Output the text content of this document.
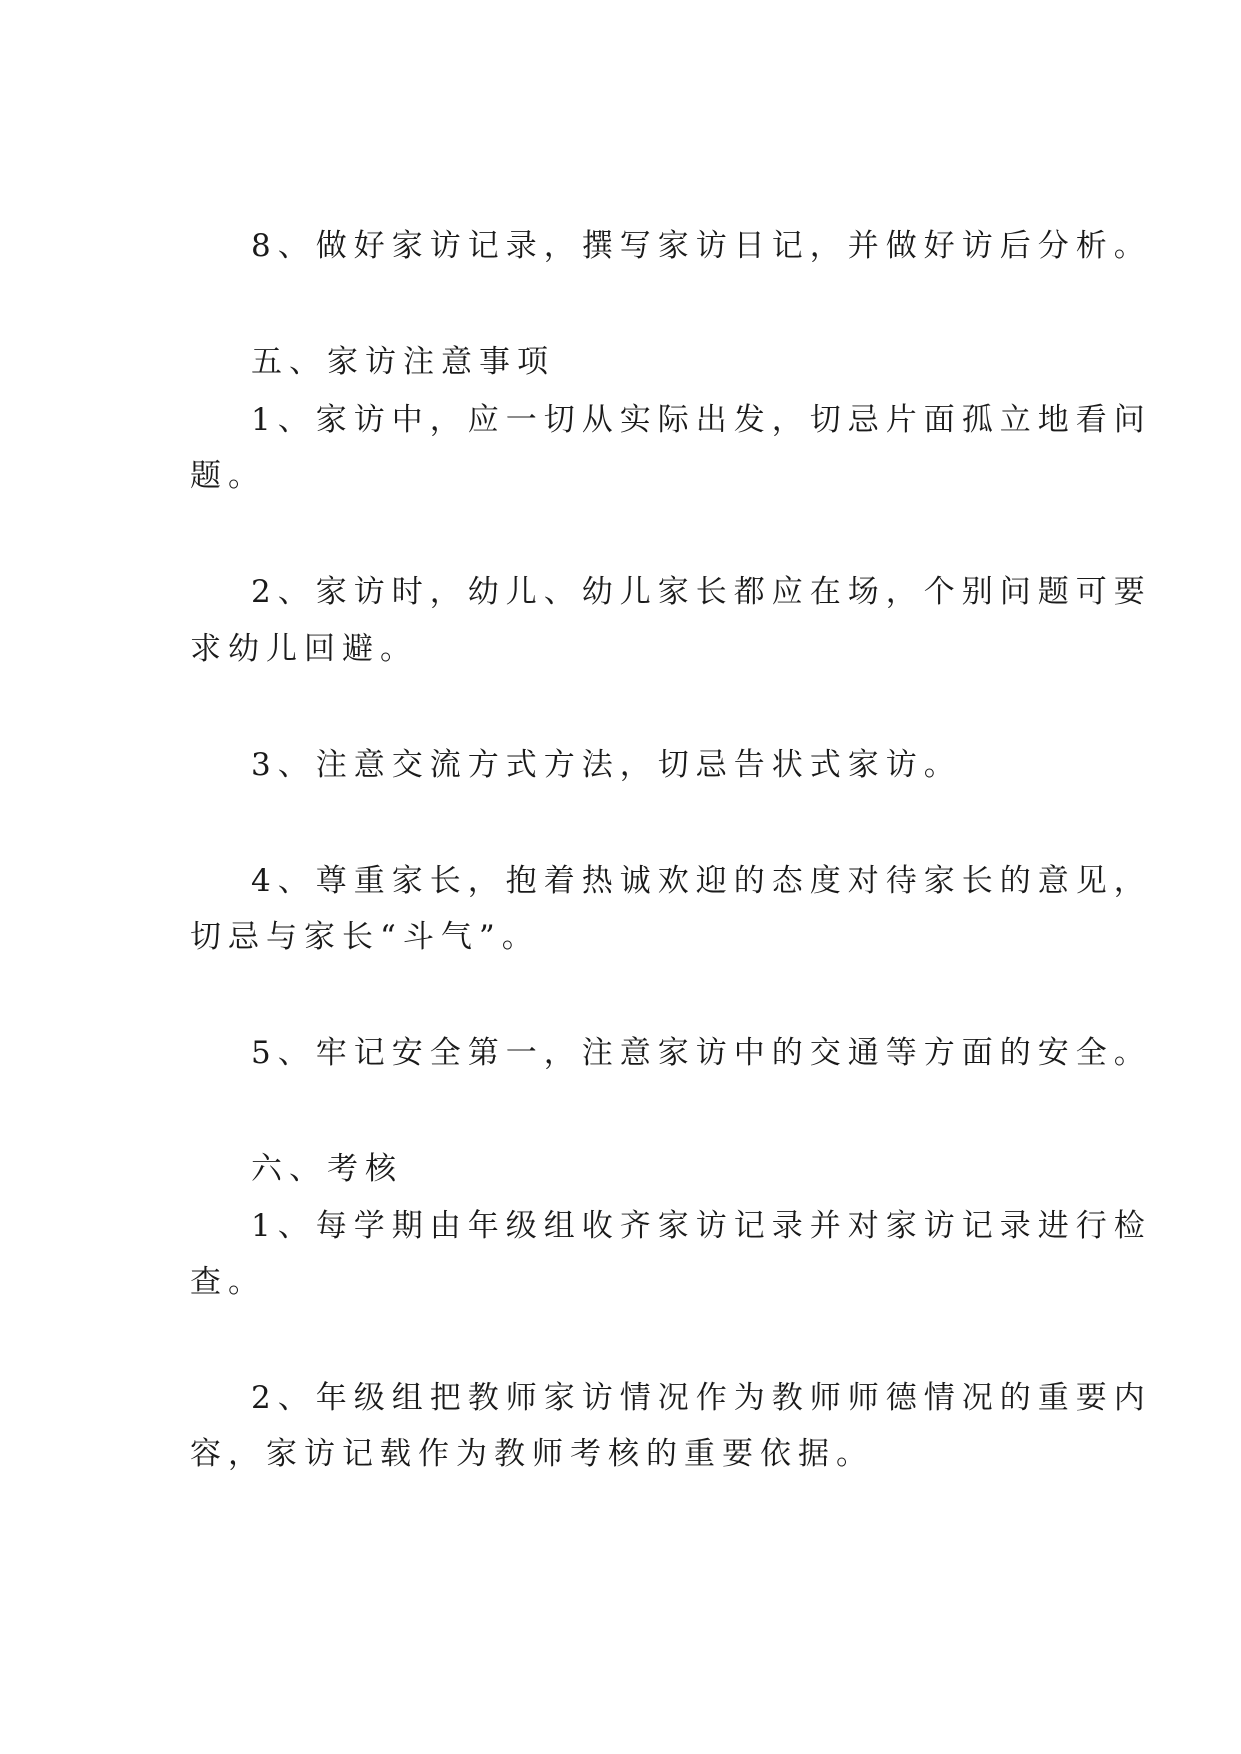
8、做好家访记录，撰写家访日记，并做好访后分析。
五、家访注意事项
1、家访中，应一切从实际出发，切忌片面孤立地看问
题。
2、家访时，幼儿、幼儿家长都应在场，个别问题可要
求幼儿回避。
3、注意交流方式方法，切忌告状式家访。
4、尊重家长，抱着热诚欢迎的态度对待家长的意见，
切忌与家长“斗气”。
5、牢记安全第一，注意家访中的交通等方面的安全。
六、考核
1、每学期由年级组收齐家访记录并对家访记录进行检
查。
2、年级组把教师家访情况作为教师师德情况的重要内
容，家访记载作为教师考核的重要依据。
